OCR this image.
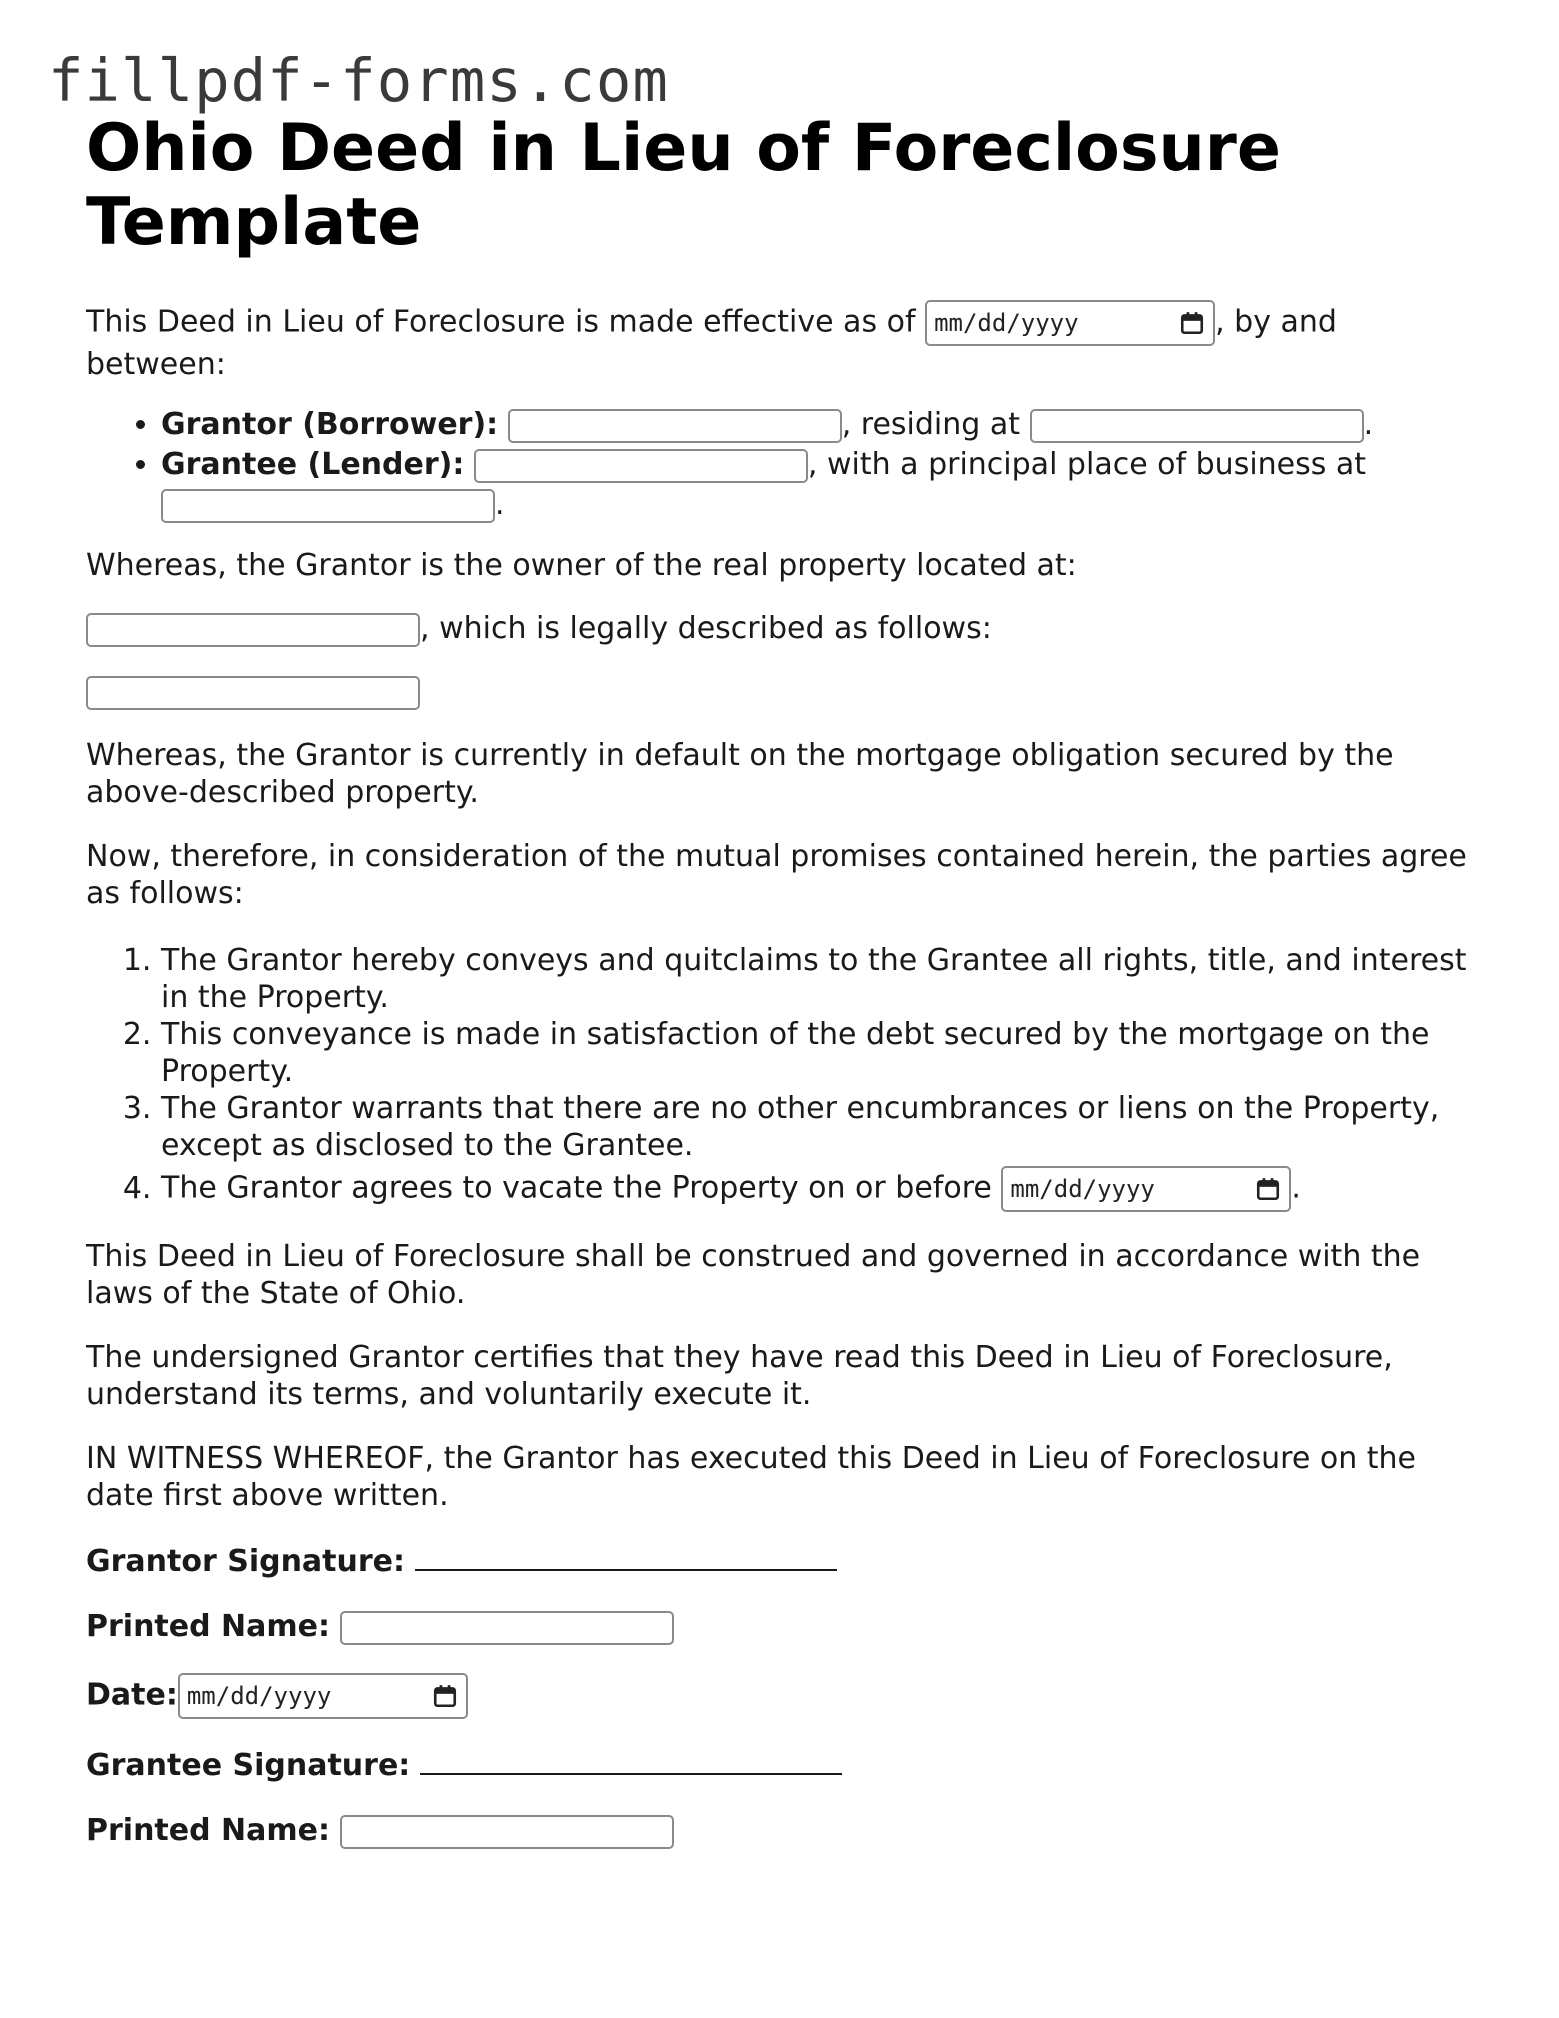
fillpdf-forms.com
Ohio Deed in Lieu of Foreclosure Template

This Deed in Lieu of Foreclosure is made effective as of mm/dd/yyyy	, by and between:

• Grantor (Borrower):	, residing at	.
• Grantee (Lender):	, with a principal place of business at
.

Whereas, the Grantor is the owner of the real property located at:

, which is legally described as follows:

Whereas, the Grantor is currently in default on the mortgage obligation secured by the above-described property.

Now, therefore, in consideration of the mutual promises contained herein, the parties agree as follows:

1. The Grantor hereby conveys and quitclaims to the Grantee all rights, title, and interest in the Property.
2. This conveyance is made in satisfaction of the debt secured by the mortgage on the Property.
3. The Grantor warrants that there are no other encumbrances or liens on the Property, except as disclosed to the Grantee.
4. The Grantor agrees to vacate the Property on or before mm/dd/yyyy	.

This Deed in Lieu of Foreclosure shall be construed and governed in accordance with the laws of the State of Ohio.

The undersigned Grantor certifies that they have read this Deed in Lieu of Foreclosure, understand its terms, and voluntarily execute it.

IN WITNESS WHEREOF, the Grantor has executed this Deed in Lieu of Foreclosure on the date first above written.

Grantor Signature:

Printed Name:

Date: mm/dd/yyyy

Grantee Signature:

Printed Name:
